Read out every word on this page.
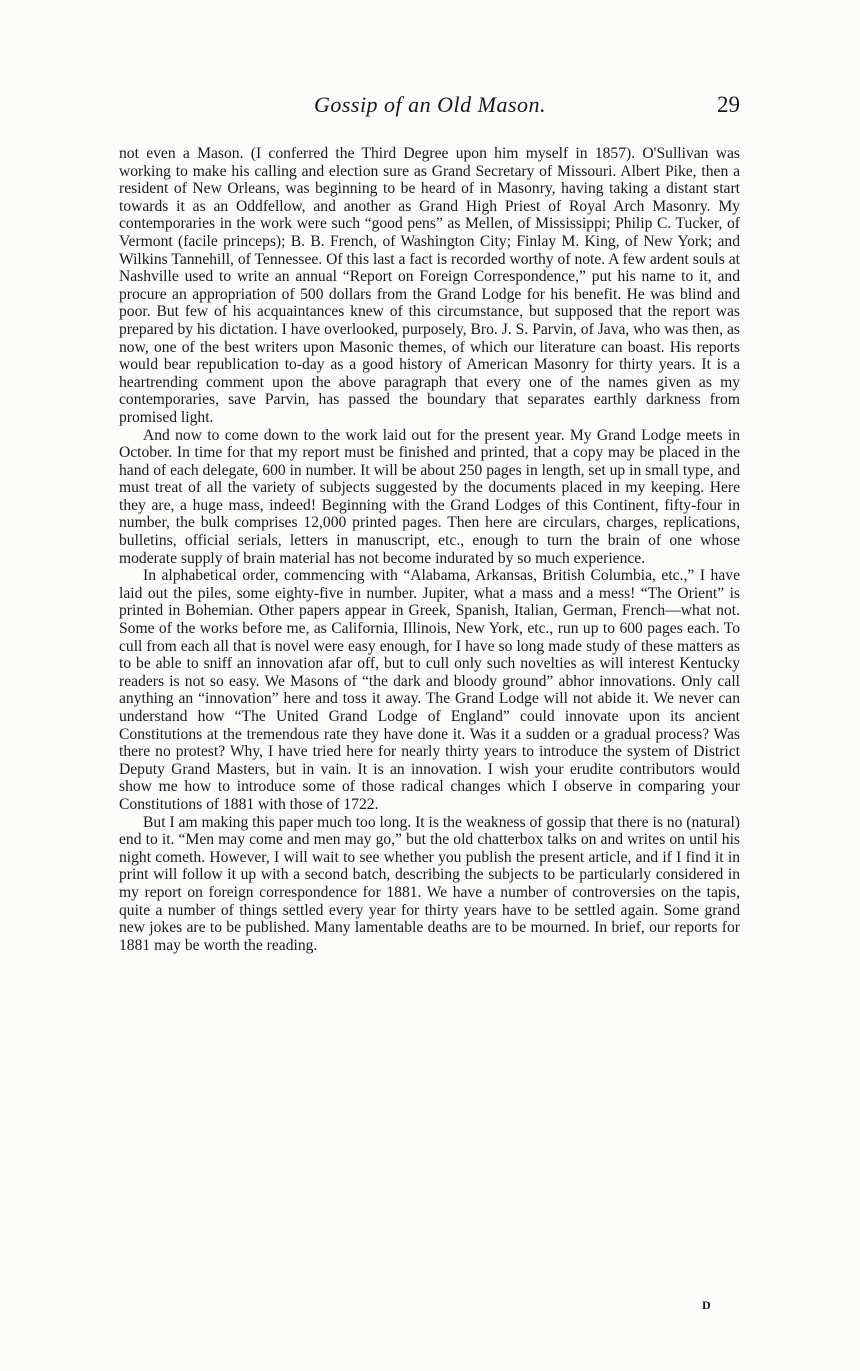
Gossip of an Old Mason.	29

not even a Mason. (I conferred the Third Degree upon him myself in 1857). O'Sullivan was working to make his calling and election sure as Grand Secretary of Missouri. Albert Pike, then a resident of New Orleans, was beginning to be heard of in Masonry, having taking a distant start towards it as an Oddfellow, and another as Grand High Priest of Royal Arch Masonry. My contemporaries in the work were such “good pens” as Mellen, of Mississippi; Philip C. Tucker, of Vermont (facile princeps); B. B. French, of Washington City; Finlay M. King, of New York; and Wilkins Tannehill, of Tennessee. Of this last a fact is recorded worthy of note. A few ardent souls at Nashville used to write an annual “Report on Foreign Correspondence,” put his name to it, and procure an appropriation of 500 dollars from the Grand Lodge for his benefit. He was blind and poor. But few of his acquaintances knew of this circumstance, but supposed that the report was prepared by his dictation. I have overlooked, purposely, Bro. J. S. Parvin, of Java, who was then, as now, one of the best writers upon Masonic themes, of which our literature can boast. His reports would bear republication to-day as a good history of American Masonry for thirty years. It is a heartrending comment upon the above paragraph that every one of the names given as my contemporaries, save Parvin, has passed the boundary that separates earthly darkness from promised light.

And now to come down to the work laid out for the present year. My Grand Lodge meets in October. In time for that my report must be finished and printed, that a copy may be placed in the hand of each delegate, 600 in number. It will be about 250 pages in length, set up in small type, and must treat of all the variety of subjects suggested by the documents placed in my keeping. Here they are, a huge mass, indeed! Beginning with the Grand Lodges of this Continent, fifty-four in number, the bulk comprises 12,000 printed pages. Then here are circulars, charges, replications, bulletins, official serials, letters in manuscript, etc., enough to turn the brain of one whose moderate supply of brain material has not become indurated by so much experience.

In alphabetical order, commencing with “Alabama, Arkansas, British Columbia, etc.,” I have laid out the piles, some eighty-five in number. Jupiter, what a mass and a mess! “The Orient” is printed in Bohemian. Other papers appear in Greek, Spanish, Italian, German, French—what not. Some of the works before me, as California, Illinois, New York, etc., run up to 600 pages each. To cull from each all that is novel were easy enough, for I have so long made study of these matters as to be able to sniff an innovation afar off, but to cull only such novelties as will interest Kentucky readers is not so easy. We Masons of “the dark and bloody ground” abhor innovations. Only call anything an “innovation” here and toss it away. The Grand Lodge will not abide it. We never can understand how “The United Grand Lodge of England” could innovate upon its ancient Constitutions at the tremendous rate they have done it. Was it a sudden or a gradual process? Was there no protest? Why, I have tried here for nearly thirty years to introduce the system of District Deputy Grand Masters, but in vain. It is an innovation. I wish your erudite contributors would show me how to introduce some of those radical changes which I observe in comparing your Constitutions of 1881 with those of 1722.

But I am making this paper much too long. It is the weakness of gossip that there is no (natural) end to it. “Men may come and men may go,” but the old chatterbox talks on and writes on until his night cometh. However, I will wait to see whether you publish the present article, and if I find it in print will follow it up with a second batch, describing the subjects to be particularly considered in my report on foreign correspondence for 1881. We have a number of controversies on the tapis, quite a number of things settled every year for thirty years have to be settled again. Some grand new jokes are to be published. Many lamentable deaths are to be mourned. In brief, our reports for 1881 may be worth the reading.

D
